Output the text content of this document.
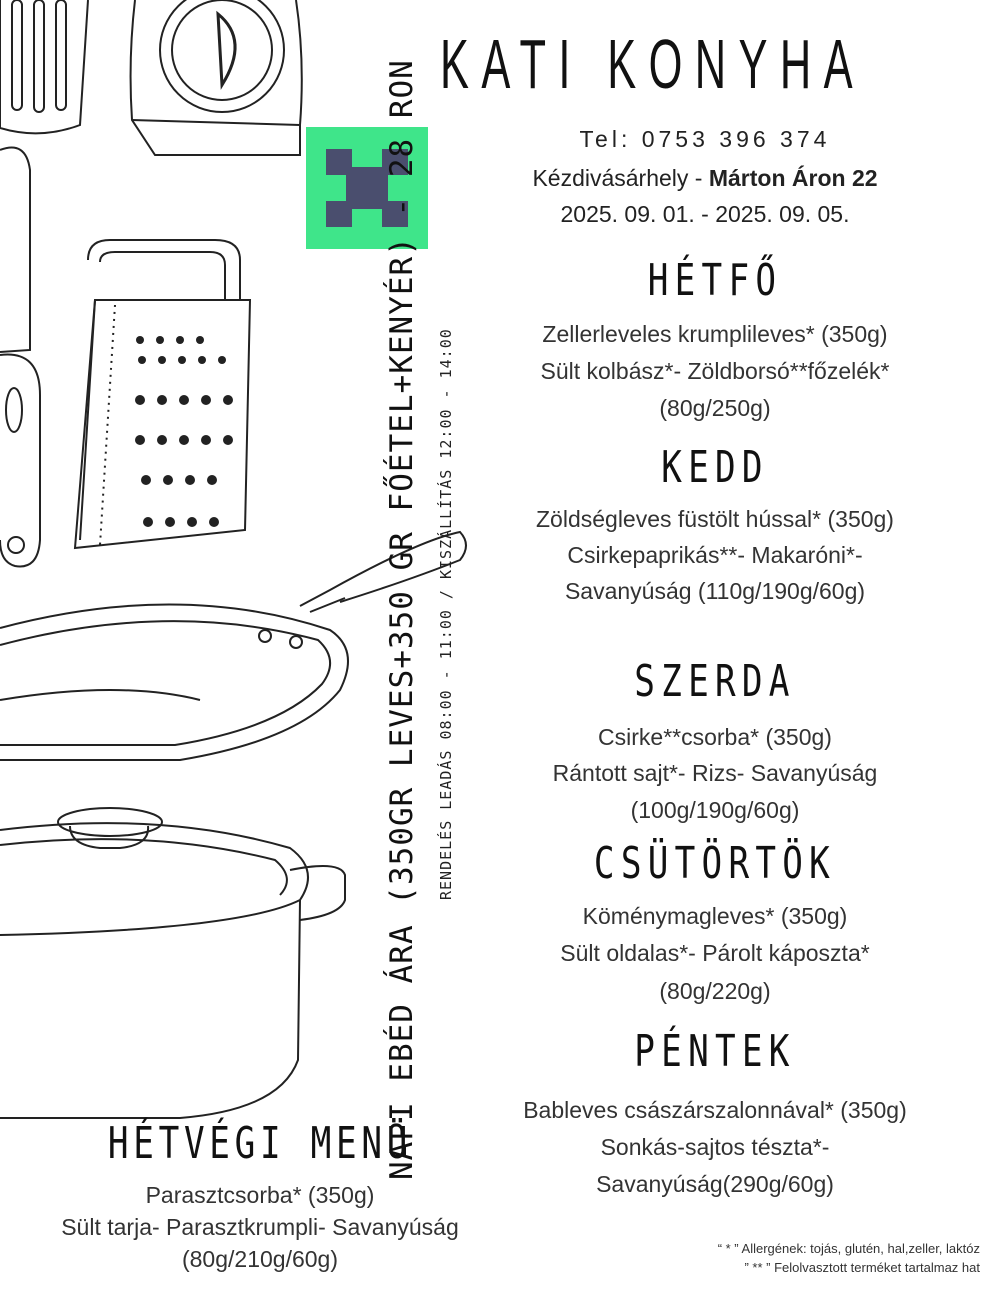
KATI KONYHA
Tel: 0753 396 374
Kézdivásárhely - Márton Áron 22
2025. 09. 01. - 2025. 09. 05.
NAPI EBÉD ÁRA (350GR LEVES+350 GR FŐÉTEL+KENYÉR) - 28 RON RENDELÉS LEADÁS 08:00 - 11:00 / KISZÁLLÍTÁS 12:00 - 14:00
HÉTFŐ
Zellerleveles krumplileves* (350g)
Sült kolbász*- Zöldborsó**főzelék*
(80g/250g)
KEDD
Zöldségleves füstölt hússal* (350g)
Csirkepaprikás**- Makaróni*-
Savanyúság (110g/190g/60g)
SZERDA
Csirke**csorba* (350g)
Rántott sajt*- Rizs- Savanyúság
(100g/190g/60g)
CSÜTÖRTÖK
Köménymagleves* (350g)
Sült oldalas*- Párolt káposzta*
(80g/220g)
PÉNTEK
Bableves császárszalonnával* (350g)
Sonkás-sajtos tészta*-
Savanyúság(290g/60g)
HÉTVÉGI MENÜ
Parasztcsorba* (350g)
Sült tarja- Parasztkrumpli- Savanyúság
(80g/210g/60g)	“ * ” Allergének: tojás, glutén, hal,zeller, laktóz
” ** ” Felolvasztott terméket tartalmaz hat
